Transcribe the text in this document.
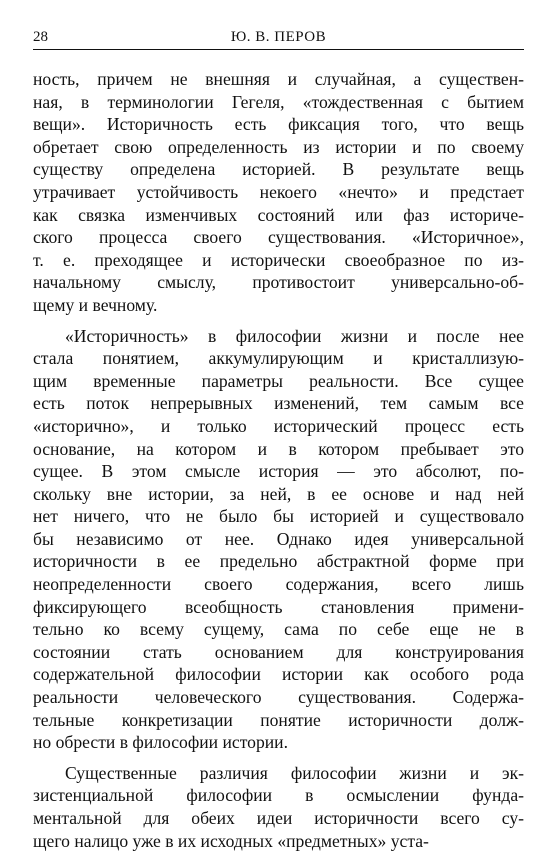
28	Ю. В. ПЕРОВ
ность, причем не внешняя и случайная, а существен-
ная, в терминологии Гегеля, «тождественная с бытием
вещи». Историчность есть фиксация того, что вещь
обретает свою определенность из истории и по своему
существу определена историей. В результате вещь
утрачивает устойчивость некоего «нечто» и предстает
как связка изменчивых состояний или фаз историче-
ского процесса своего существования. «Историчное»,
т. е. преходящее и исторически своеобразное по из-
начальному смыслу, противостоит универсально-об-
щему и вечному.
«Историчность» в философии жизни и после нее
стала понятием, аккумулирующим и кристаллизую-
щим временные параметры реальности. Все сущее
есть поток непрерывных изменений, тем самым все
«исторично», и только исторический процесс есть
основание, на котором и в котором пребывает это
сущее. В этом смысле история — это абсолют, по-
скольку вне истории, за ней, в ее основе и над ней
нет ничего, что не было бы историей и существовало
бы независимо от нее. Однако идея универсальной
историчности в ее предельно абстрактной форме при
неопределенности своего содержания, всего лишь
фиксирующего всеобщность становления примени-
тельно ко всему сущему, сама по себе еще не в
состоянии стать основанием для конструирования
содержательной философии истории как особого рода
реальности человеческого существования. Содержа-
тельные конкретизации понятие историчности долж-
но обрести в философии истории.
Существенные различия философии жизни и эк-
зистенциальной философии в осмыслении фунда-
ментальной для обеих идеи историчности всего су-
щего налицо уже в их исходных «предметных» уста-
